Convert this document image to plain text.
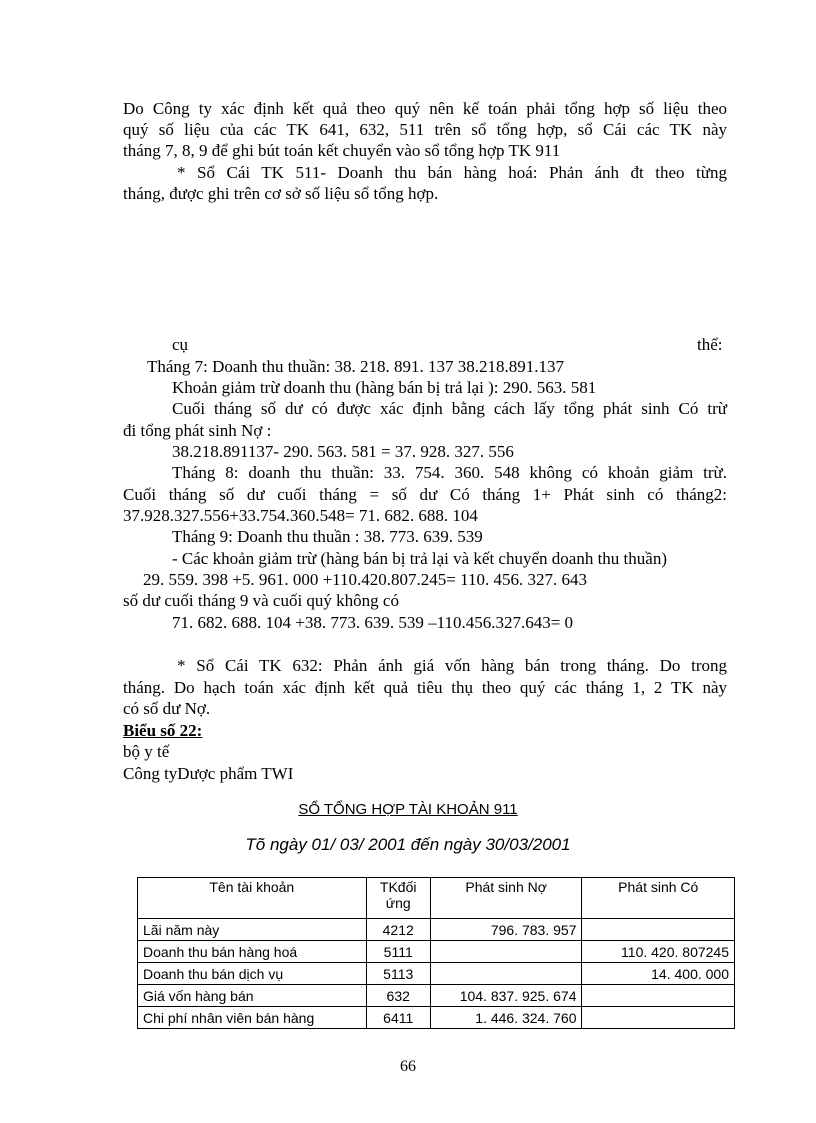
Do Công ty xác định kết quả theo quý nên kế toán phải tổng hợp số liệu theo
quý số liệu của các TK 641, 632, 511 trên sổ tổng hợp, sổ Cái các TK này
tháng 7, 8, 9 để ghi bút toán kết chuyển vào sổ tổng hợp TK 911
* Sổ Cái TK 511- Doanh thu bán hàng hoá: Phản ánh đt theo từng
tháng, được ghi trên cơ sở số liệu sổ tổng hợp.
cụ	thể:
Tháng 7: Doanh thu thuần: 38. 218. 891. 137 38.218.891.137
Khoản giảm trừ doanh thu (hàng bán bị trả lại ): 290. 563. 581
Cuối tháng số dư có được xác định bằng cách lấy tổng phát sinh Có trừ
đi tổng phát sinh Nợ :
38.218.891137- 290. 563. 581 = 37. 928. 327. 556
Tháng 8: doanh thu thuần: 33. 754. 360. 548 không có khoản giảm trừ.
Cuối tháng số dư cuối tháng = số dư Có tháng 1+ Phát sinh có tháng2:
37.928.327.556+33.754.360.548= 71. 682. 688. 104
Tháng 9: Doanh thu thuần : 38. 773. 639. 539
- Các khoản giảm trừ (hàng bán bị trả lại và kết chuyển doanh thu thuần)
29. 559. 398 +5. 961. 000 +110.420.807.245= 110. 456. 327. 643
số dư cuối tháng 9 và cuối quý không có
71. 682. 688. 104 +38. 773. 639. 539 –110.456.327.643= 0
* Sổ Cái TK 632: Phản ánh giá vốn hàng bán trong tháng. Do trong
tháng. Do hạch toán xác định kết quả tiêu thụ theo quý các tháng 1, 2 TK này
có số dư Nợ.
Biểu số 22:
bộ y tế
Công tyDược phẩm TWI
SỔ TỔNG HỢP TÀI KHOẢN 911
Tõ ngày 01/ 03/ 2001 đến ngày 30/03/2001
Tên tài khoản	TKđối ứng	Phát sinh Nợ	Phát sinh Có
Lãi năm này	4212	796. 783. 957	
Doanh thu bán hàng hoá	5111		110. 420. 807245
Doanh thu bán dịch vụ	5113		14. 400. 000
Giá vốn hàng bán	632	104. 837. 925. 674	
Chi phí nhân viên bán hàng	6411	1. 446. 324. 760	
66
